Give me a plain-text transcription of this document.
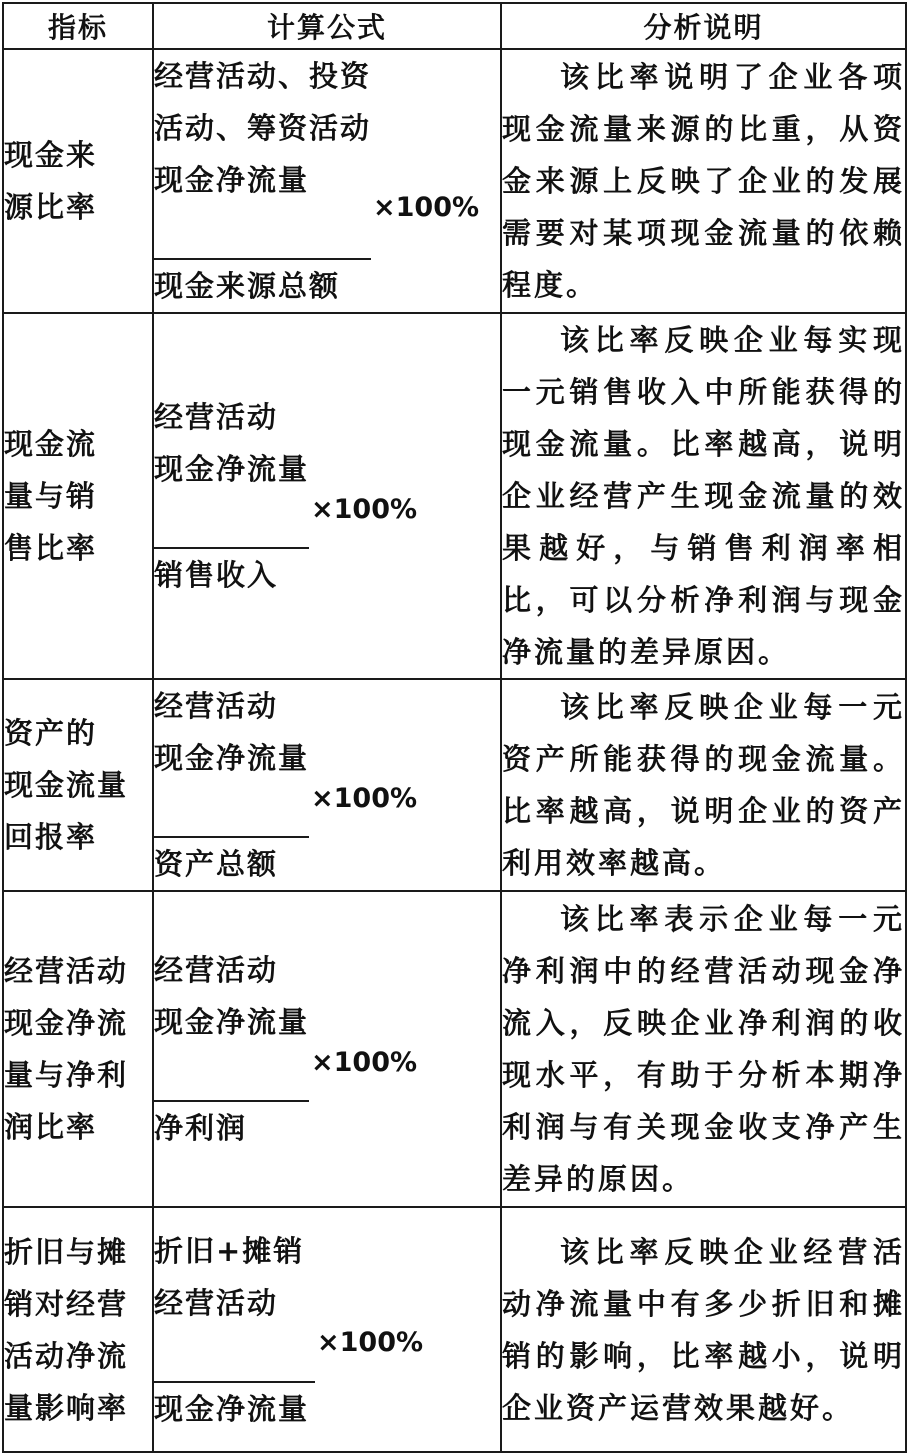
指标	计算公式	分析说明

现金来
源比率	经营活动、投资
活动、筹资活动
现金净流量
现金来源总额 ×100%	该比率说明了企业各项现金流量来源的比重，从资金来源上反映了企业的发展需要对某项现金流量的依赖程度。

现金流
量与销
售比率	经营活动
现金净流量
销售收入 ×100%	该比率反映企业每实现一元销售收入中所能获得的现金流量。比率越高，说明企业经营产生现金流量的效果越好，与销售利润率相比，可以分析净利润与现金净流量的差异原因。

资产的
现金流量
回报率	经营活动
现金净流量
资产总额 ×100%	该比率反映企业每一元资产所能获得的现金流量。比率越高，说明企业的资产利用效率越高。

经营活动
现金净流
量与净利
润比率	经营活动
现金净流量
净利润 ×100%	该比率表示企业每一元净利润中的经营活动现金净流入，反映企业净利润的收现水平，有助于分析本期净利润与有关现金收支净产生差异的原因。

折旧与摊
销对经营
活动净流
量影响率	折旧+摊销
经营活动
现金净流量 ×100%	该比率反映企业经营活动净流量中有多少折旧和摊销的影响，比率越小，说明企业资产运营效果越好。
